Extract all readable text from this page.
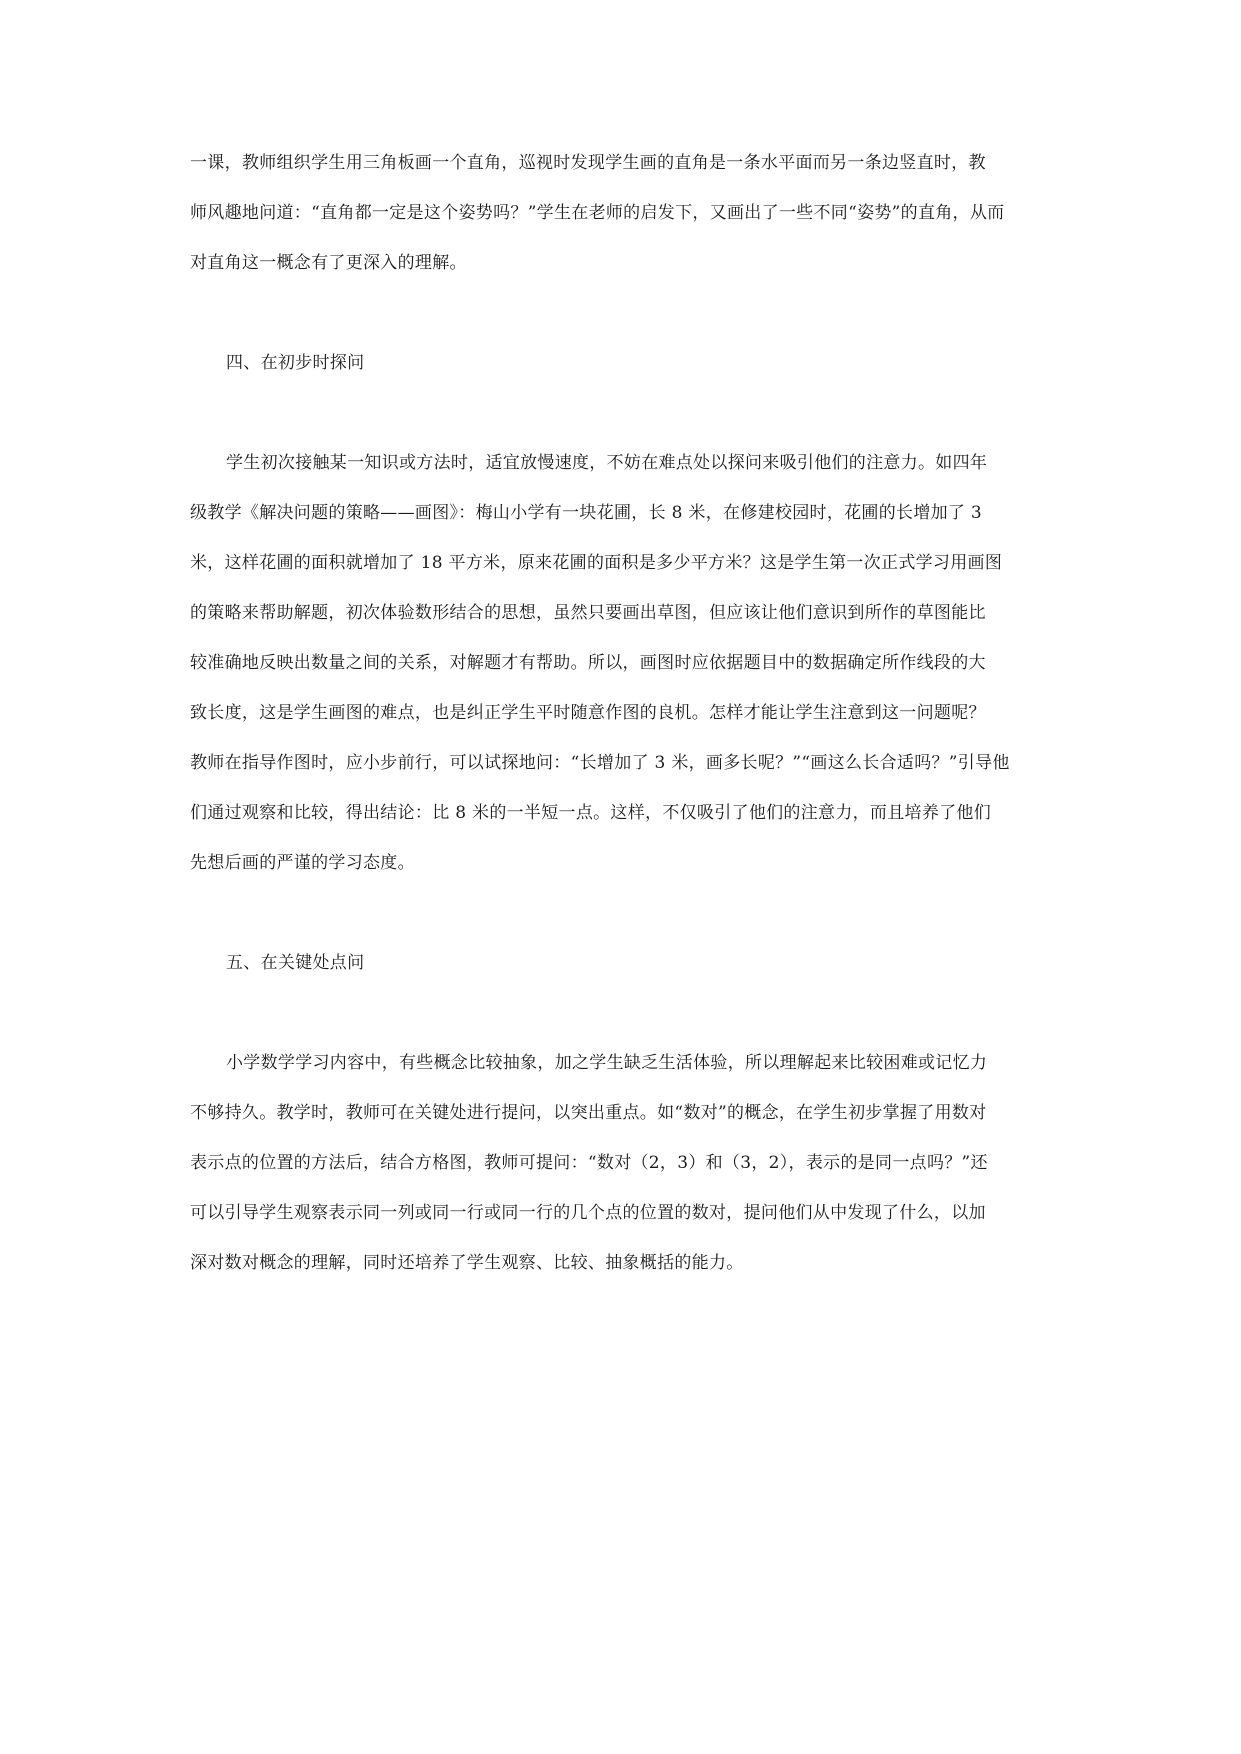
一课，教师组织学生用三角板画一个直角，巡视时发现学生画的直角是一条水平面而另一条边竖直时，教
师风趣地问道：“直角都一定是这个姿势吗？”学生在老师的启发下，又画出了一些不同“姿势”的直角，从而
对直角这一概念有了更深入的理解。
四、在初步时探问
学生初次接触某一知识或方法时，适宜放慢速度，不妨在难点处以探问来吸引他们的注意力。如四年
级教学《解决问题的策略——画图》：梅山小学有一块花圃，长 8 米，在修建校园时，花圃的长增加了 3
米，这样花圃的面积就增加了 18 平方米，原来花圃的面积是多少平方米？这是学生第一次正式学习用画图
的策略来帮助解题，初次体验数形结合的思想，虽然只要画出草图，但应该让他们意识到所作的草图能比
较准确地反映出数量之间的关系，对解题才有帮助。所以，画图时应依据题目中的数据确定所作线段的大
致长度，这是学生画图的难点，也是纠正学生平时随意作图的良机。怎样才能让学生注意到这一问题呢？
教师在指导作图时，应小步前行，可以试探地问：“长增加了 3 米，画多长呢？”“画这么长合适吗？”引导他
们通过观察和比较，得出结论：比 8 米的一半短一点。这样，不仅吸引了他们的注意力，而且培养了他们
先想后画的严谨的学习态度。
五、在关键处点问
小学数学学习内容中，有些概念比较抽象，加之学生缺乏生活体验，所以理解起来比较困难或记忆力
不够持久。教学时，教师可在关键处进行提问，以突出重点。如“数对”的概念，在学生初步掌握了用数对
表示点的位置的方法后，结合方格图，教师可提问：“数对（2，3）和（3，2），表示的是同一点吗？”还
可以引导学生观察表示同一列或同一行或同一行的几个点的位置的数对，提问他们从中发现了什么，以加
深对数对概念的理解，同时还培养了学生观察、比较、抽象概括的能力。
